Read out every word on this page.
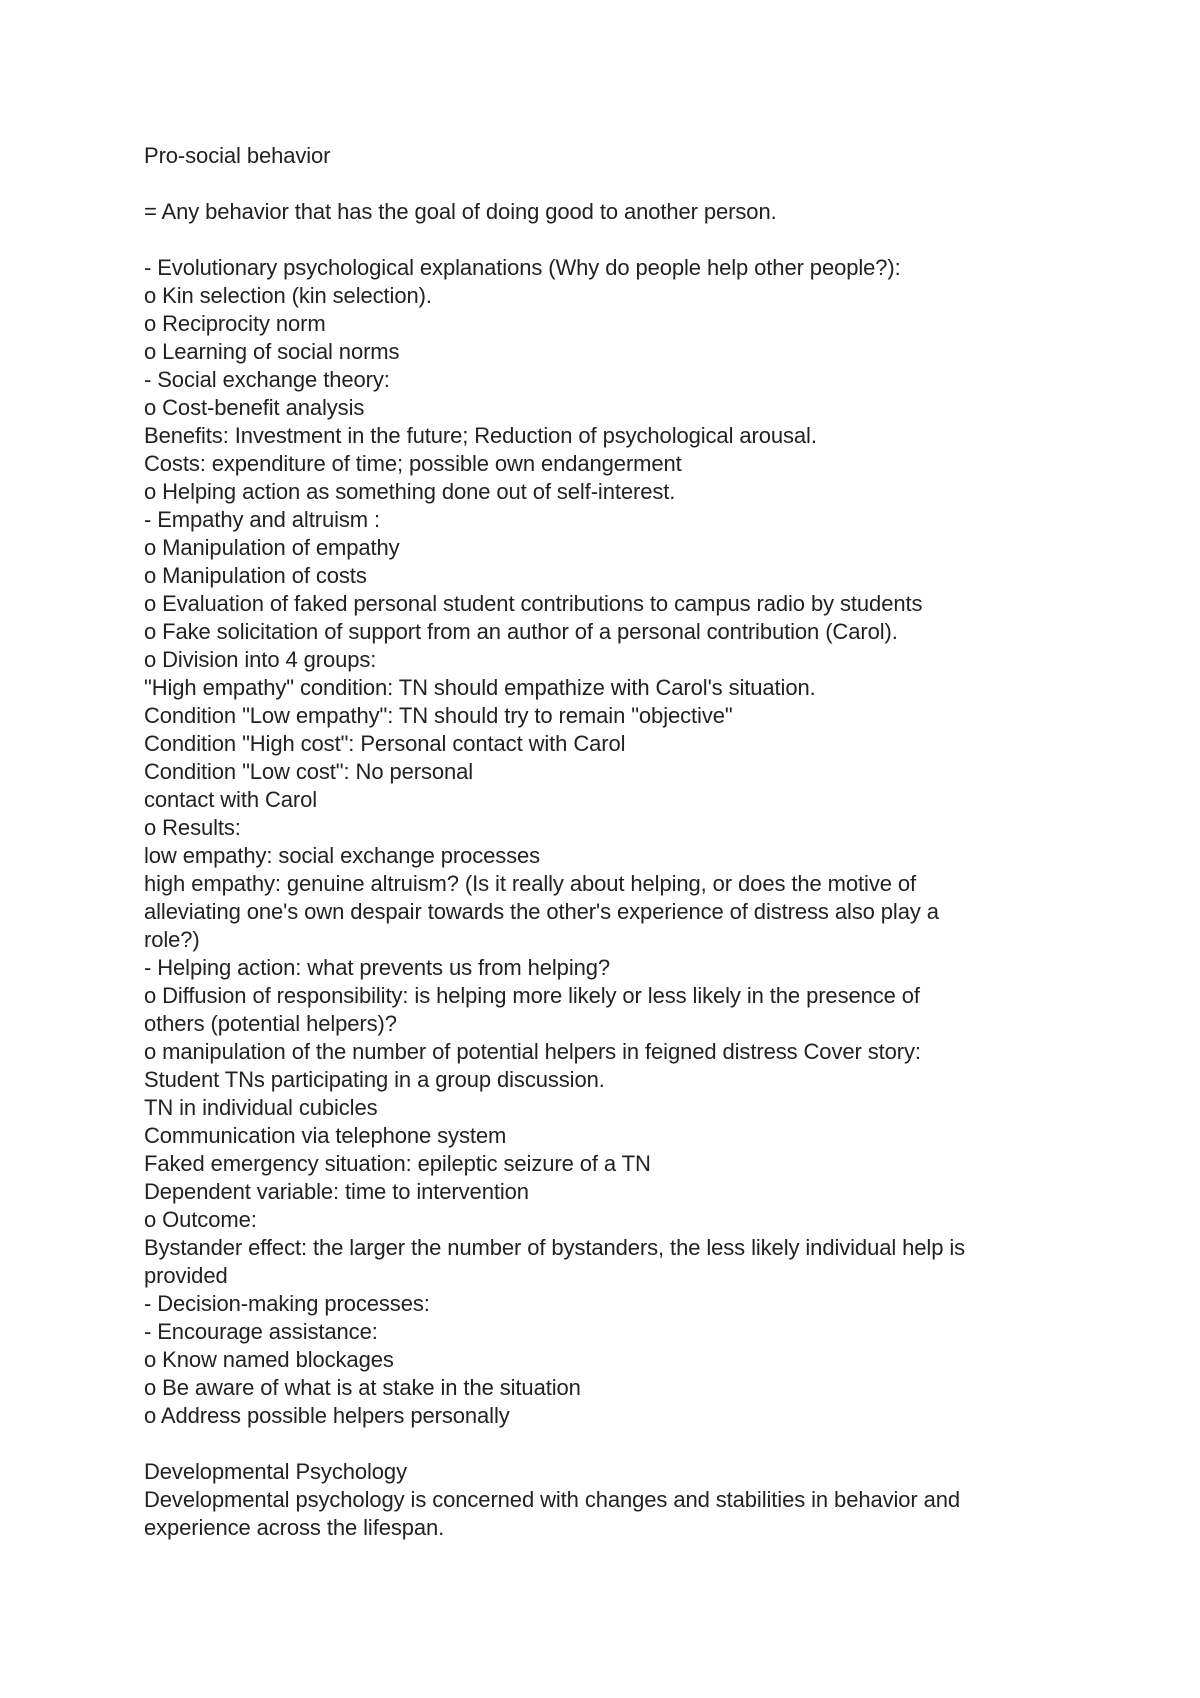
Pro-social behavior
= Any behavior that has the goal of doing good to another person.
- Evolutionary psychological explanations (Why do people help other people?):
o Kin selection (kin selection).
o Reciprocity norm
o Learning of social norms
- Social exchange theory:
o Cost-benefit analysis
Benefits: Investment in the future; Reduction of psychological arousal.
Costs: expenditure of time; possible own endangerment
o Helping action as something done out of self-interest.
- Empathy and altruism :
o Manipulation of empathy
o Manipulation of costs
o Evaluation of faked personal student contributions to campus radio by students
o Fake solicitation of support from an author of a personal contribution (Carol).
o Division into 4 groups:
"High empathy" condition: TN should empathize with Carol's situation.
Condition "Low empathy": TN should try to remain "objective"
Condition "High cost": Personal contact with Carol
Condition "Low cost": No personal
contact with Carol
o Results:
low empathy: social exchange processes
high empathy: genuine altruism? (Is it really about helping, or does the motive of
alleviating one's own despair towards the other's experience of distress also play a
role?)
- Helping action: what prevents us from helping?
o Diffusion of responsibility: is helping more likely or less likely in the presence of
others (potential helpers)?
o manipulation of the number of potential helpers in feigned distress Cover story:
Student TNs participating in a group discussion.
TN in individual cubicles
Communication via telephone system
Faked emergency situation: epileptic seizure of a TN
Dependent variable: time to intervention
o Outcome:
Bystander effect: the larger the number of bystanders, the less likely individual help is
provided
- Decision-making processes:
- Encourage assistance:
o Know named blockages
o Be aware of what is at stake in the situation
o Address possible helpers personally
Developmental Psychology
Developmental psychology is concerned with changes and stabilities in behavior and
experience across the lifespan.
